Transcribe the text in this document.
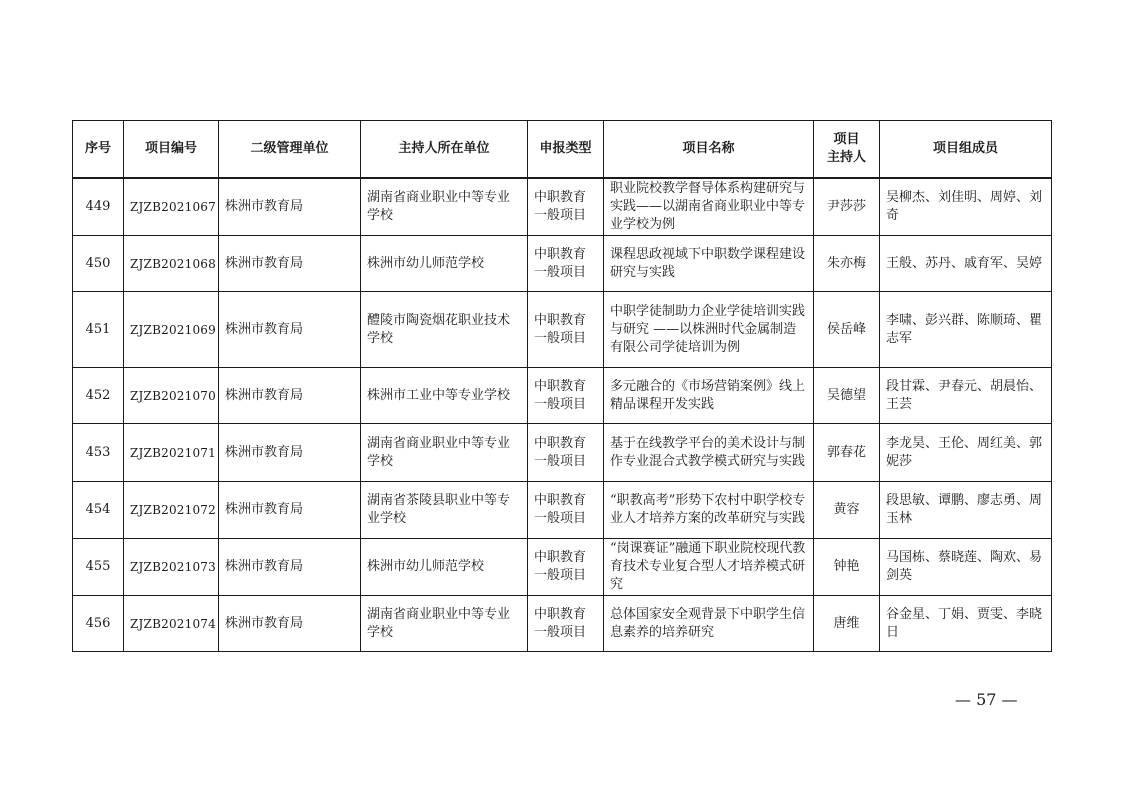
序号	项目编号	二级管理单位	主持人所在单位	申报类型	项目名称	项目
主持人	项目组成员
449	ZJZB2021067	株洲市教育局	湖南省商业职业中等专业学校	中职教育一般项目	职业院校教学督导体系构建研究与实践——以湖南省商业职业中等专业学校为例	尹莎莎	吴柳杰、刘佳明、周婷、刘奇
450	ZJZB2021068	株洲市教育局	株洲市幼儿师范学校	中职教育一般项目	课程思政视域下中职数学课程建设研究与实践	朱亦梅	王般、苏丹、戚育军、吴婷
451	ZJZB2021069	株洲市教育局	醴陵市陶瓷烟花职业技术学校	中职教育一般项目	中职学徒制助力企业学徒培训实践与研究 ——以株洲时代金属制造有限公司学徒培训为例	侯岳峰	李啸、彭兴群、陈顺琦、瞿志军
452	ZJZB2021070	株洲市教育局	株洲市工业中等专业学校	中职教育一般项目	多元融合的《市场营销案例》线上精品课程开发实践	吴德望	段甘霖、尹春元、胡晨怡、王芸
453	ZJZB2021071	株洲市教育局	湖南省商业职业中等专业学校	中职教育一般项目	基于在线教学平台的美术设计与制作专业混合式教学模式研究与实践	郭春花	李龙昊、王伦、周红美、郭妮莎
454	ZJZB2021072	株洲市教育局	湖南省茶陵县职业中等专业学校	中职教育一般项目	“职教高考”形势下农村中职学校专业人才培养方案的改革研究与实践	黄容	段思敏、谭鹏、廖志勇、周玉林
455	ZJZB2021073	株洲市教育局	株洲市幼儿师范学校	中职教育一般项目	“岗课赛证”融通下职业院校现代教育技术专业复合型人才培养模式研究	钟艳	马国栋、蔡晓莲、陶欢、易剑英
456	ZJZB2021074	株洲市教育局	湖南省商业职业中等专业学校	中职教育一般项目	总体国家安全观背景下中职学生信息素养的培养研究	唐维	谷金星、丁娟、贾雯、李晓日
— 57 —
